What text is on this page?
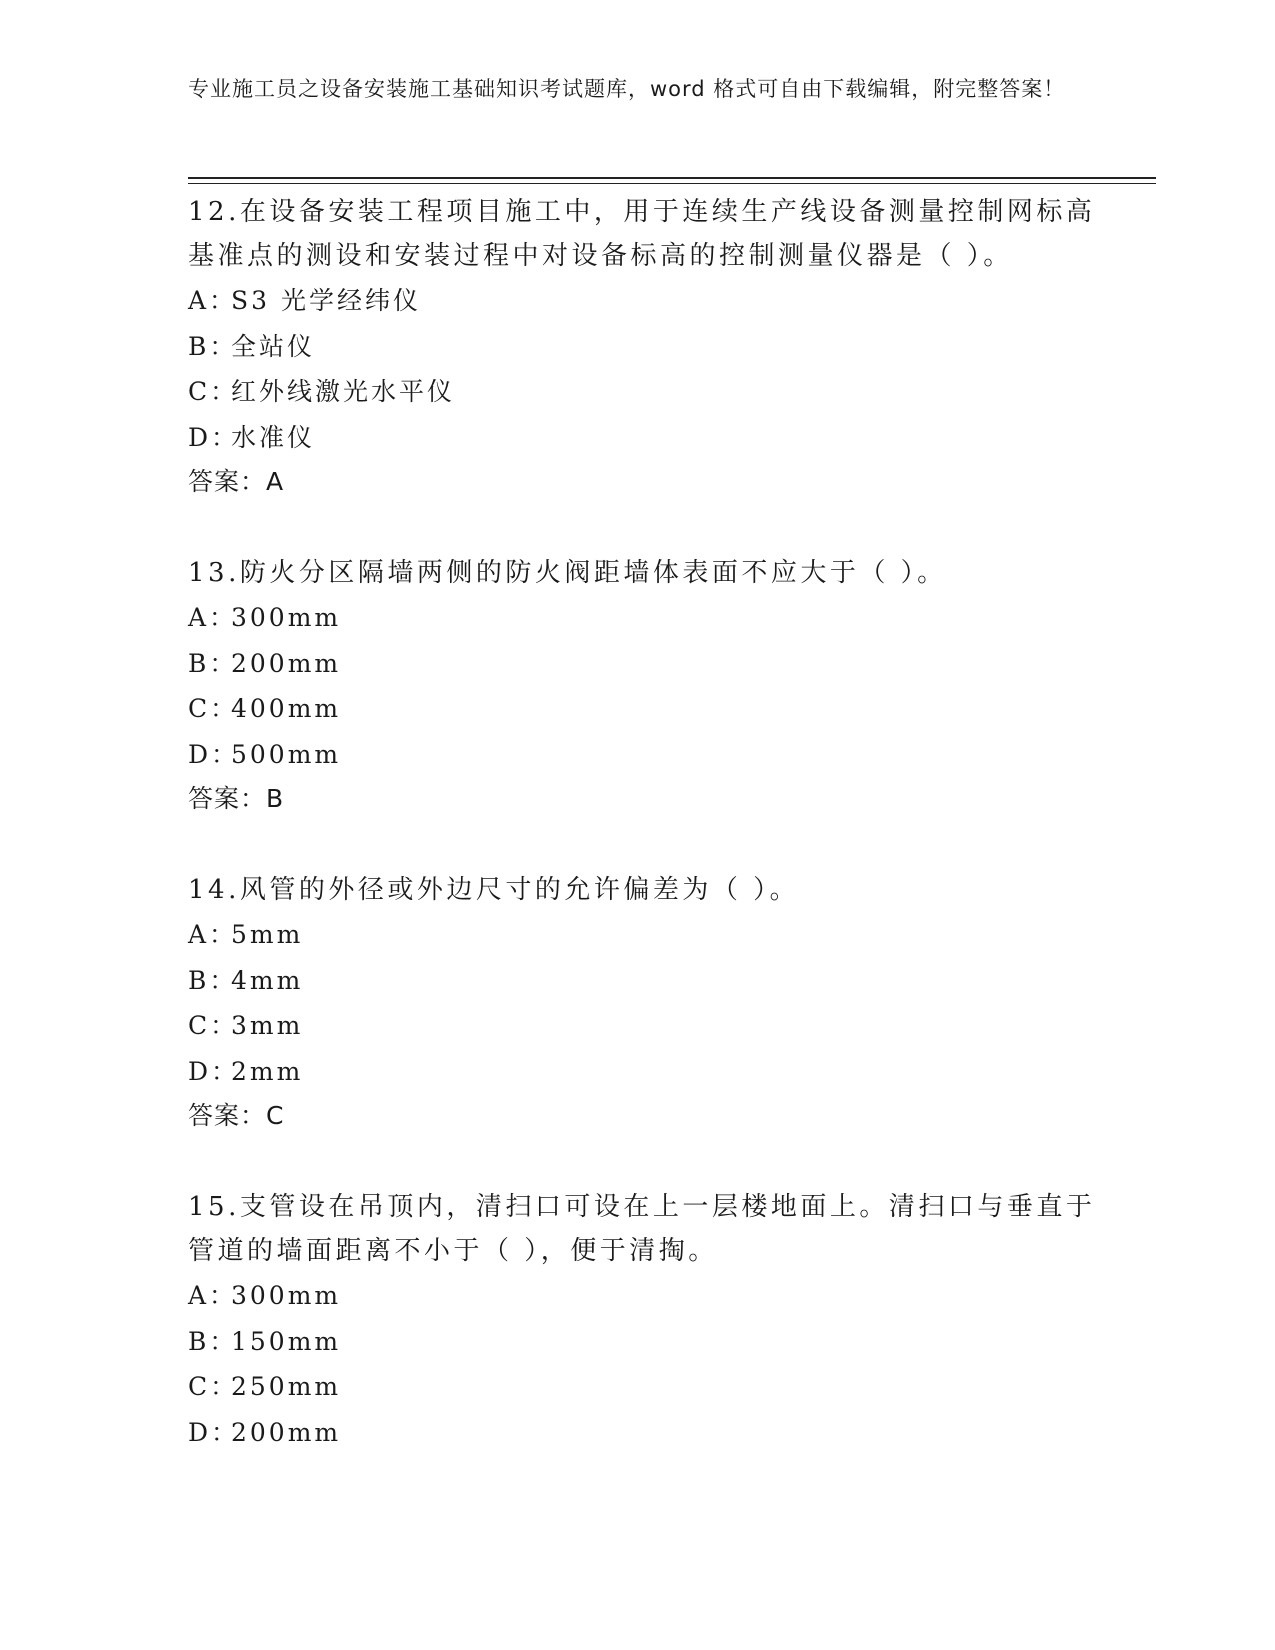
专业施工员之设备安装施工基础知识考试题库，word 格式可自由下载编辑，附完整答案！
12.在设备安装工程项目施工中，用于连续生产线设备测量控制网标高基准点的测设和安装过程中对设备标高的控制测量仪器是（ ）。
A：S3 光学经纬仪
B：全站仪
C：红外线激光水平仪
D：水准仪
答案：A
13.防火分区隔墙两侧的防火阀距墙体表面不应大于（ ）。
A：300mm
B：200mm
C：400mm
D：500mm
答案：B
14.风管的外径或外边尺寸的允许偏差为（ ）。
A：5mm
B：4mm
C：3mm
D：2mm
答案：C
15.支管设在吊顶内，清扫口可设在上一层楼地面上。清扫口与垂直于管道的墙面距离不小于（ ），便于清掏。
A：300mm
B：150mm
C：250mm
D：200mm
